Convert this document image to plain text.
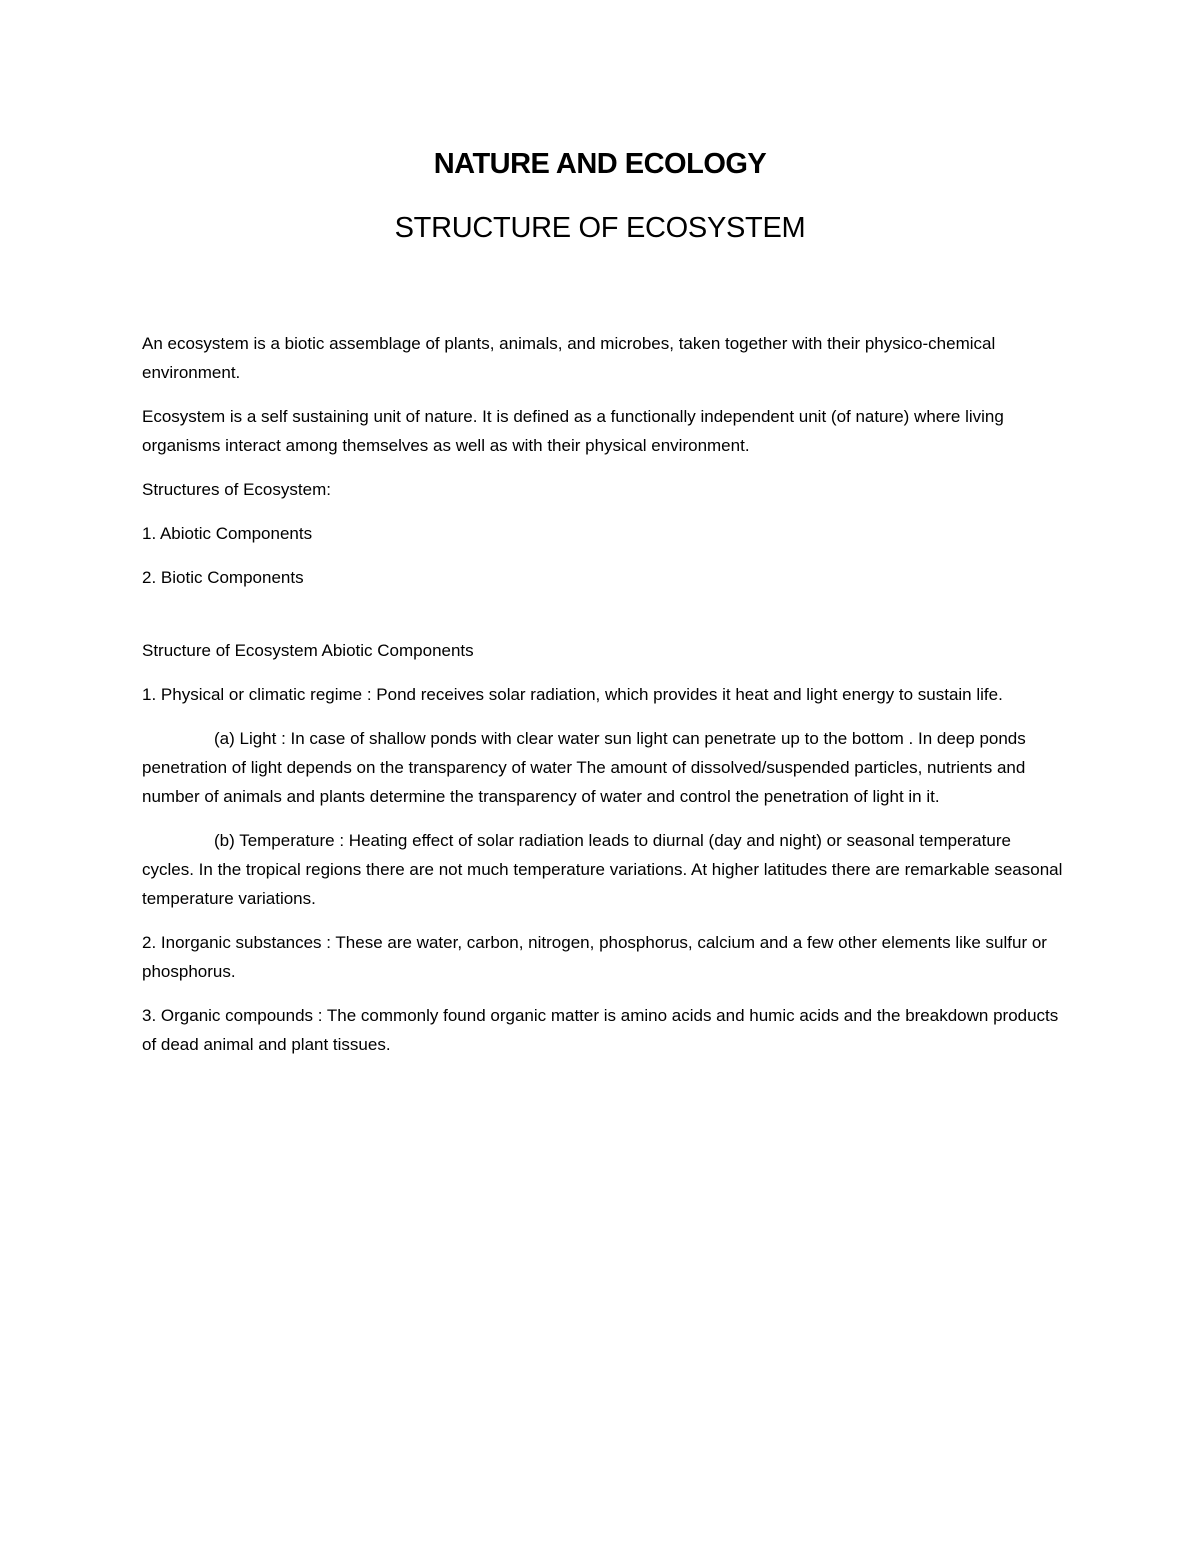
NATURE AND ECOLOGY
STRUCTURE OF ECOSYSTEM

An ecosystem is a biotic assemblage of plants, animals, and microbes, taken together with their physico-chemical environment.

Ecosystem is a self sustaining unit of nature. It is defined as a functionally independent unit (of nature) where living organisms interact among themselves as well as with their physical environment.

Structures of Ecosystem:

1. Abiotic Components

2. Biotic Components

Structure of Ecosystem Abiotic Components

1. Physical or climatic regime : Pond receives solar radiation, which provides it heat and light energy to sustain life.

(a) Light : In case of shallow ponds with clear water sun light can penetrate up to the bottom . In deep ponds penetration of light depends on the transparency of water The amount of dissolved/suspended particles, nutrients and number of animals and plants determine the transparency of water and control the penetration of light in it.

(b) Temperature : Heating effect of solar radiation leads to diurnal (day and night) or seasonal temperature cycles. In the tropical regions there are not much temperature variations. At higher latitudes there are remarkable seasonal temperature variations.

2. Inorganic substances : These are water, carbon, nitrogen, phosphorus, calcium and a few other elements like sulfur or phosphorus.

3. Organic compounds : The commonly found organic matter is amino acids and humic acids and the breakdown products of dead animal and plant tissues.
